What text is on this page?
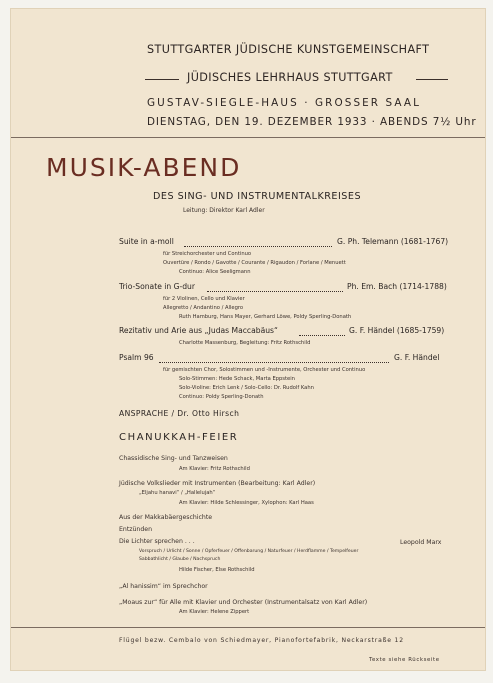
STUTTGARTER JÜDISCHE KUNSTGEMEINSCHAFT
JÜDISCHES LEHRHAUS STUTTGART
GUSTAV-SIEGLE-HAUS · GROSSER SAAL
DIENSTAG, DEN 19. DEZEMBER 1933 · ABENDS 7½ Uhr
MUSIK-ABEND
DES SING- UND INSTRUMENTALKREISES
Leitung: Direktor Karl Adler
Suite in a-moll	G. Ph. Telemann (1681-1767)
für Streichorchester und Continuo
Ouvertüre / Rondo / Gavotte / Courante / Rigaudon / Forlane / Menuett
Continuo: Alice Seeligmann
Trio-Sonate in G-dur	Ph. Em. Bach (1714-1788)
für 2 Violinen, Cello und Klavier
Allegretto / Andantino / Allegro
Ruth Hamburg, Hans Mayer, Gerhard Löwe, Poldy Sperling-Donath
Rezitativ und Arie aus „Judas Maccabäus“	G. F. Händel (1685-1759)
Charlotte Massenburg, Begleitung: Fritz Rothschild
Psalm 96	G. F. Händel
für gemischten Chor, Solostimmen und -Instrumente, Orchester und Continuo
Solo-Stimmen: Hede Schack, Marta Eppstein
Solo-Violine: Erich Lenk / Solo-Cello: Dr. Rudolf Kahn
Continuo: Poldy Sperling-Donath
ANSPRACHE / Dr. Otto Hirsch
CHANUKKAH-FEIER
Chassidische Sing- und Tanzweisen
Am Klavier: Fritz Rothschild
Jüdische Volkslieder mit Instrumenten (Bearbeitung: Karl Adler)
„Eljahu hanavi“ / „Hallelujah“
Am Klavier: Hilde Schlessinger, Xylophon: Karl Haas
Aus der Makkabäergeschichte
Entzünden
Die Lichter sprechen . . .	Leopold Marx
Vorspruch / Urlicht / Sonne / Opferfeuer / Offenbarung / Naturfeuer / Herdflamme / Tempelfeuer
Sabbathlicht / Glaube / Nachspruch
Hilde Fischer, Else Rothschild
„Al hanissim“ im Sprechchor
„Moaus zur“ für Alle mit Klavier und Orchester (Instrumentalsatz von Karl Adler)
Am Klavier: Helene Zippert
Flügel bezw. Cembalo von Schiedmayer, Pianofortefabrik, Neckarstraße 12
Texte siehe Rückseite
